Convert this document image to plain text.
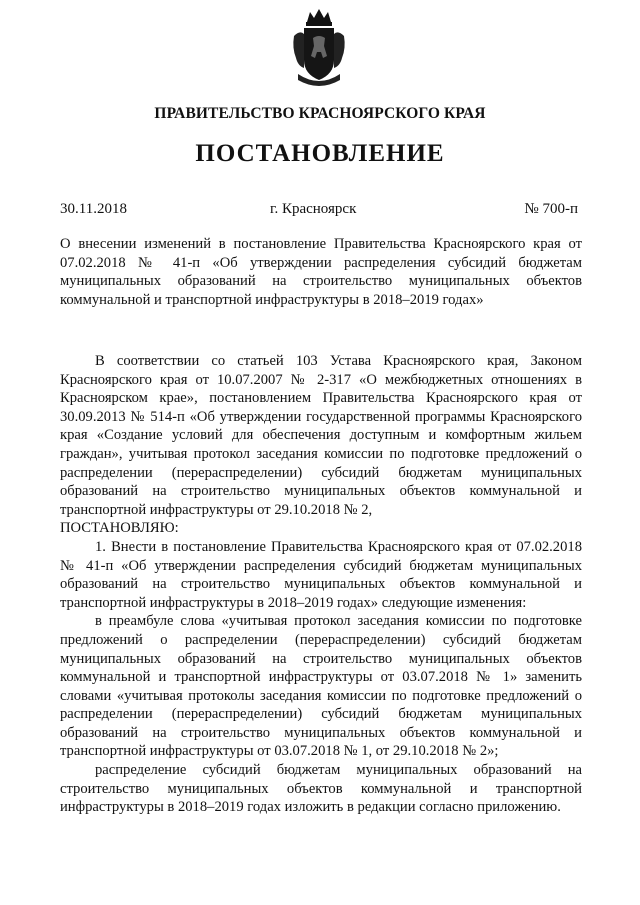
ПРАВИТЕЛЬСТВО КРАСНОЯРСКОГО КРАЯ
ПОСТАНОВЛЕНИЕ
30.11.2018	г. Красноярск	№ 700-п

О внесении изменений в постановление Правительства Красноярского края от 07.02.2018 № 41-п «Об утверждении распределения субсидий бюджетам муниципальных образований на строительство муниципальных объектов коммунальной и транспортной инфраструктуры в 2018–2019 годах»

В соответствии со статьей 103 Устава Красноярского края, Законом Красноярского края от 10.07.2007 № 2-317 «О межбюджетных отношениях в Красноярском крае», постановлением Правительства Красноярского края от 30.09.2013 № 514-п «Об утверждении государственной программы Красноярского края «Создание условий для обеспечения доступным и комфортным жильем граждан», учитывая протокол заседания комиссии по подготовке предложений о распределении (перераспределении) субсидий бюджетам муниципальных образований на строительство муниципальных объектов коммунальной и транспортной инфраструктуры от 29.10.2018 № 2,

ПОСТАНОВЛЯЮ:

1. Внести в постановление Правительства Красноярского края от 07.02.2018 № 41-п «Об утверждении распределения субсидий бюджетам муниципальных образований на строительство муниципальных объектов коммунальной и транспортной инфраструктуры в 2018–2019 годах» следующие изменения:

в преамбуле слова «учитывая протокол заседания комиссии по подготовке предложений о распределении (перераспределении) субсидий бюджетам муниципальных образований на строительство муниципальных объектов коммунальной и транспортной инфраструктуры от 03.07.2018 № 1» заменить словами «учитывая протоколы заседания комиссии по подготовке предложений о распределении (перераспределении) субсидий бюджетам муниципальных образований на строительство муниципальных объектов коммунальной и транспортной инфраструктуры от 03.07.2018 № 1, от 29.10.2018 № 2»;

распределение субсидий бюджетам муниципальных образований на строительство муниципальных объектов коммунальной и транспортной инфраструктуры в 2018–2019 годах изложить в редакции согласно приложению.
